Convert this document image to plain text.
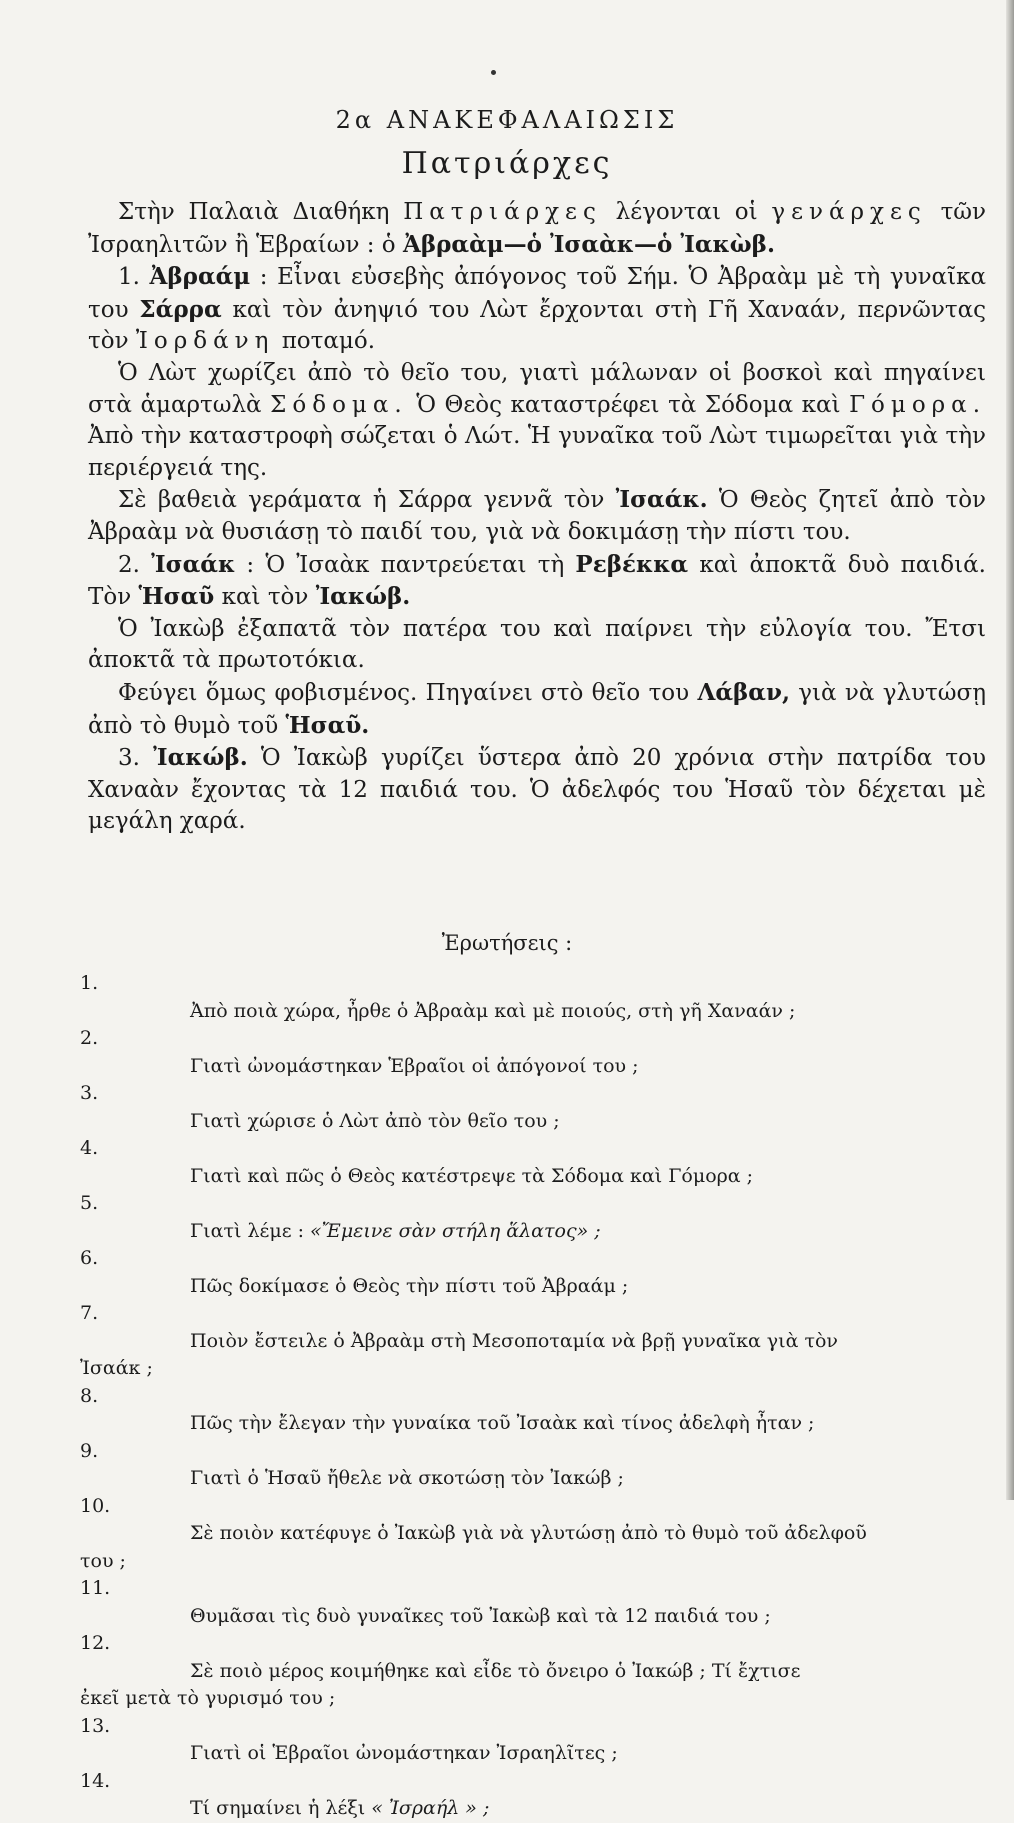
2α ΑΝΑΚΕΦΑΛΑΙΩΣΙΣ
Πατριάρχες

Στὴν Παλαιὰ Διαθήκη Πατριάρχες λέγονται οἱ γενάρχες τῶν Ἰσραηλιτῶν ἢ Ἑβραίων : ὁ Ἀβραὰμ—ὁ Ἰσαὰκ—ὁ Ἰακὼβ.

1. Ἀβραάμ : Εἶναι εὐσεβὴς ἀπόγονος τοῦ Σήμ. Ὁ Ἀβραὰμ μὲ τὴ γυναῖκα του Σάρρα καὶ τὸν ἀνηψιό του Λὼτ ἔρχονται στὴ Γῆ Χαναάν, περνῶντας τὸν Ἰορδάνη ποταμό.

Ὁ Λὼτ χωρίζει ἀπὸ τὸ θεῖο του, γιατὶ μάλωναν οἱ βοσκοὶ καὶ πηγαίνει στὰ ἁμαρτωλὰ Σόδομα. Ὁ Θεὸς καταστρέφει τὰ Σόδομα καὶ Γόμορα. Ἀπὸ τὴν καταστροφὴ σώζεται ὁ Λώτ. Ἡ γυναῖκα τοῦ Λὼτ τιμωρεῖται γιὰ τὴν περιέργειά της.

Σὲ βαθειὰ γεράματα ἡ Σάρρα γεννᾶ τὸν Ἰσαάκ. Ὁ Θεὸς ζητεῖ ἀπὸ τὸν Ἀβραὰμ νὰ θυσιάσῃ τὸ παιδί του, γιὰ νὰ δοκιμάσῃ τὴν πίστι του.

2. Ἰσαάκ : Ὁ Ἰσαὰκ παντρεύεται τὴ Ρεβέκκα καὶ ἀποκτᾶ δυὸ παιδιά. Τὸν Ἡσαῦ καὶ τὸν Ἰακώβ.

Ὁ Ἰακὼβ ἐξαπατᾶ τὸν πατέρα του καὶ παίρνει τὴν εὐλογία του. Ἔτσι ἀποκτᾶ τὰ πρωτοτόκια.

Φεύγει ὅμως φοβισμένος. Πηγαίνει στὸ θεῖο του Λάβαν, γιὰ νὰ γλυτώσῃ ἀπὸ τὸ θυμὸ τοῦ Ἡσαῦ.

3. Ἰακώβ. Ὁ Ἰακὼβ γυρίζει ὕστερα ἀπὸ 20 χρόνια στὴν πατρίδα του Χαναὰν ἔχοντας τὰ 12 παιδιά του. Ὁ ἀδελφός του Ἡσαῦ τὸν δέχεται μὲ μεγάλη χαρά.

Ἐρωτήσεις :
1.
Ἀπὸ ποιὰ χώρα, ἦρθε ὁ Ἀβραὰμ καὶ μὲ ποιούς, στὴ γῆ Χαναάν ;
2.
Γιατὶ ὠνομάστηκαν Ἑβραῖοι οἱ ἀπόγονοί του ;
3.
Γιατὶ χώρισε ὁ Λὼτ ἀπὸ τὸν θεῖο του ;
4.
Γιατὶ καὶ πῶς ὁ Θεὸς κατέστρεψε τὰ Σόδομα καὶ Γόμορα ;
5.
Γιατὶ λέμε : «Ἔμεινε σὰν στήλη ἅλατος» ;
6.
Πῶς δοκίμασε ὁ Θεὸς τὴν πίστι τοῦ Ἀβραάμ ;
7.
Ποιὸν ἔστειλε ὁ Ἀβραὰμ στὴ Μεσοποταμία νὰ βρῇ γυναῖκα γιὰ τὸν
Ἰσαάκ ;
8.
Πῶς τὴν ἔλεγαν τὴν γυναίκα τοῦ Ἰσαὰκ καὶ τίνος ἀδελφὴ ἦταν ;
9.
Γιατὶ ὁ Ἡσαῦ ἤθελε νὰ σκοτώσῃ τὸν Ἰακώβ ;
10.
Σὲ ποιὸν κατέφυγε ὁ Ἰακὼβ γιὰ νὰ γλυτώσῃ ἀπὸ τὸ θυμὸ τοῦ ἀδελφοῦ
του ;
11.
Θυμᾶσαι τὶς δυὸ γυναῖκες τοῦ Ἰακὼβ καὶ τὰ 12 παιδιά του ;
12.
Σὲ ποιὸ μέρος κοιμήθηκε καὶ εἶδε τὸ ὄνειρο ὁ Ἰακώβ ; Τί ἔχτισε
ἐκεῖ μετὰ τὸ γυρισμό του ;
13.
Γιατὶ οἱ Ἑβραῖοι ὠνομάστηκαν Ἰσραηλῖτες ;
14.
Τί σημαίνει ἡ λέξι « Ἰσραήλ » ;
